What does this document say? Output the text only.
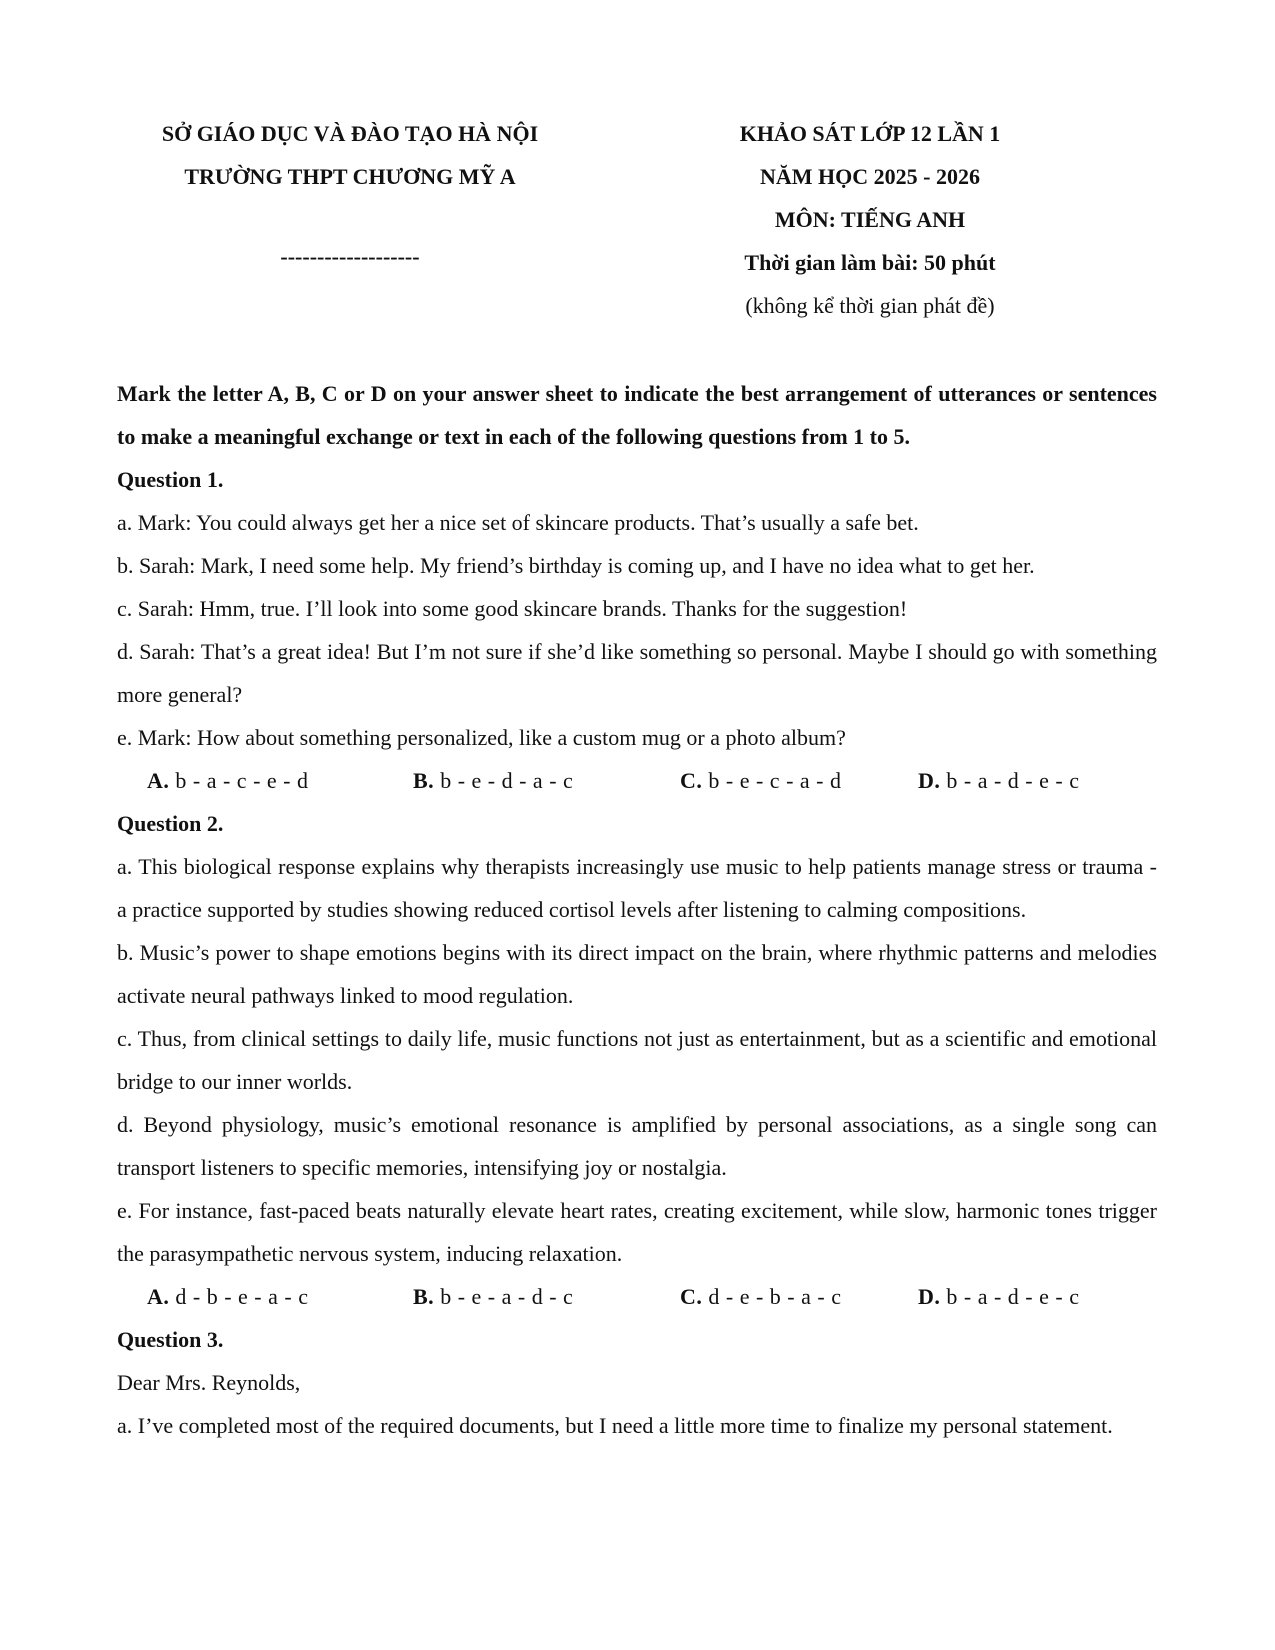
SỞ GIÁO DỤC VÀ ĐÀO TẠO HÀ NỘI
TRƯỜNG THPT CHƯƠNG MỸ A
-------------------
KHẢO SÁT LỚP 12 LẦN 1
NĂM HỌC 2025 - 2026
MÔN: TIẾNG ANH
Thời gian làm bài: 50 phút
(không kể thời gian phát đề)
Mark the letter A, B, C or D on your answer sheet to indicate the best arrangement of utterances or sentences to make a meaningful exchange or text in each of the following questions from 1 to 5.
Question 1.
a. Mark: You could always get her a nice set of skincare products. That’s usually a safe bet.
b. Sarah: Mark, I need some help. My friend’s birthday is coming up, and I have no idea what to get her.
c. Sarah: Hmm, true. I’ll look into some good skincare brands. Thanks for the suggestion!
d. Sarah: That’s a great idea! But I’m not sure if she’d like something so personal. Maybe I should go with something more general?
e. Mark: How about something personalized, like a custom mug or a photo album?
A. b - a - c - e - d	B. b - e - d - a - c	C. b - e - c - a - d	D. b - a - d - e - c
Question 2.
a. This biological response explains why therapists increasingly use music to help patients manage stress or trauma - a practice supported by studies showing reduced cortisol levels after listening to calming compositions.
b. Music’s power to shape emotions begins with its direct impact on the brain, where rhythmic patterns and melodies activate neural pathways linked to mood regulation.
c. Thus, from clinical settings to daily life, music functions not just as entertainment, but as a scientific and emotional bridge to our inner worlds.
d. Beyond physiology, music’s emotional resonance is amplified by personal associations, as a single song can transport listeners to specific memories, intensifying joy or nostalgia.
e. For instance, fast-paced beats naturally elevate heart rates, creating excitement, while slow, harmonic tones trigger the parasympathetic nervous system, inducing relaxation.
A. d - b - e - a - c	B. b - e - a - d - c	C. d - e - b - a - c	D. b - a - d - e - c
Question 3.
Dear Mrs. Reynolds,
a. I’ve completed most of the required documents, but I need a little more time to finalize my personal statement.
